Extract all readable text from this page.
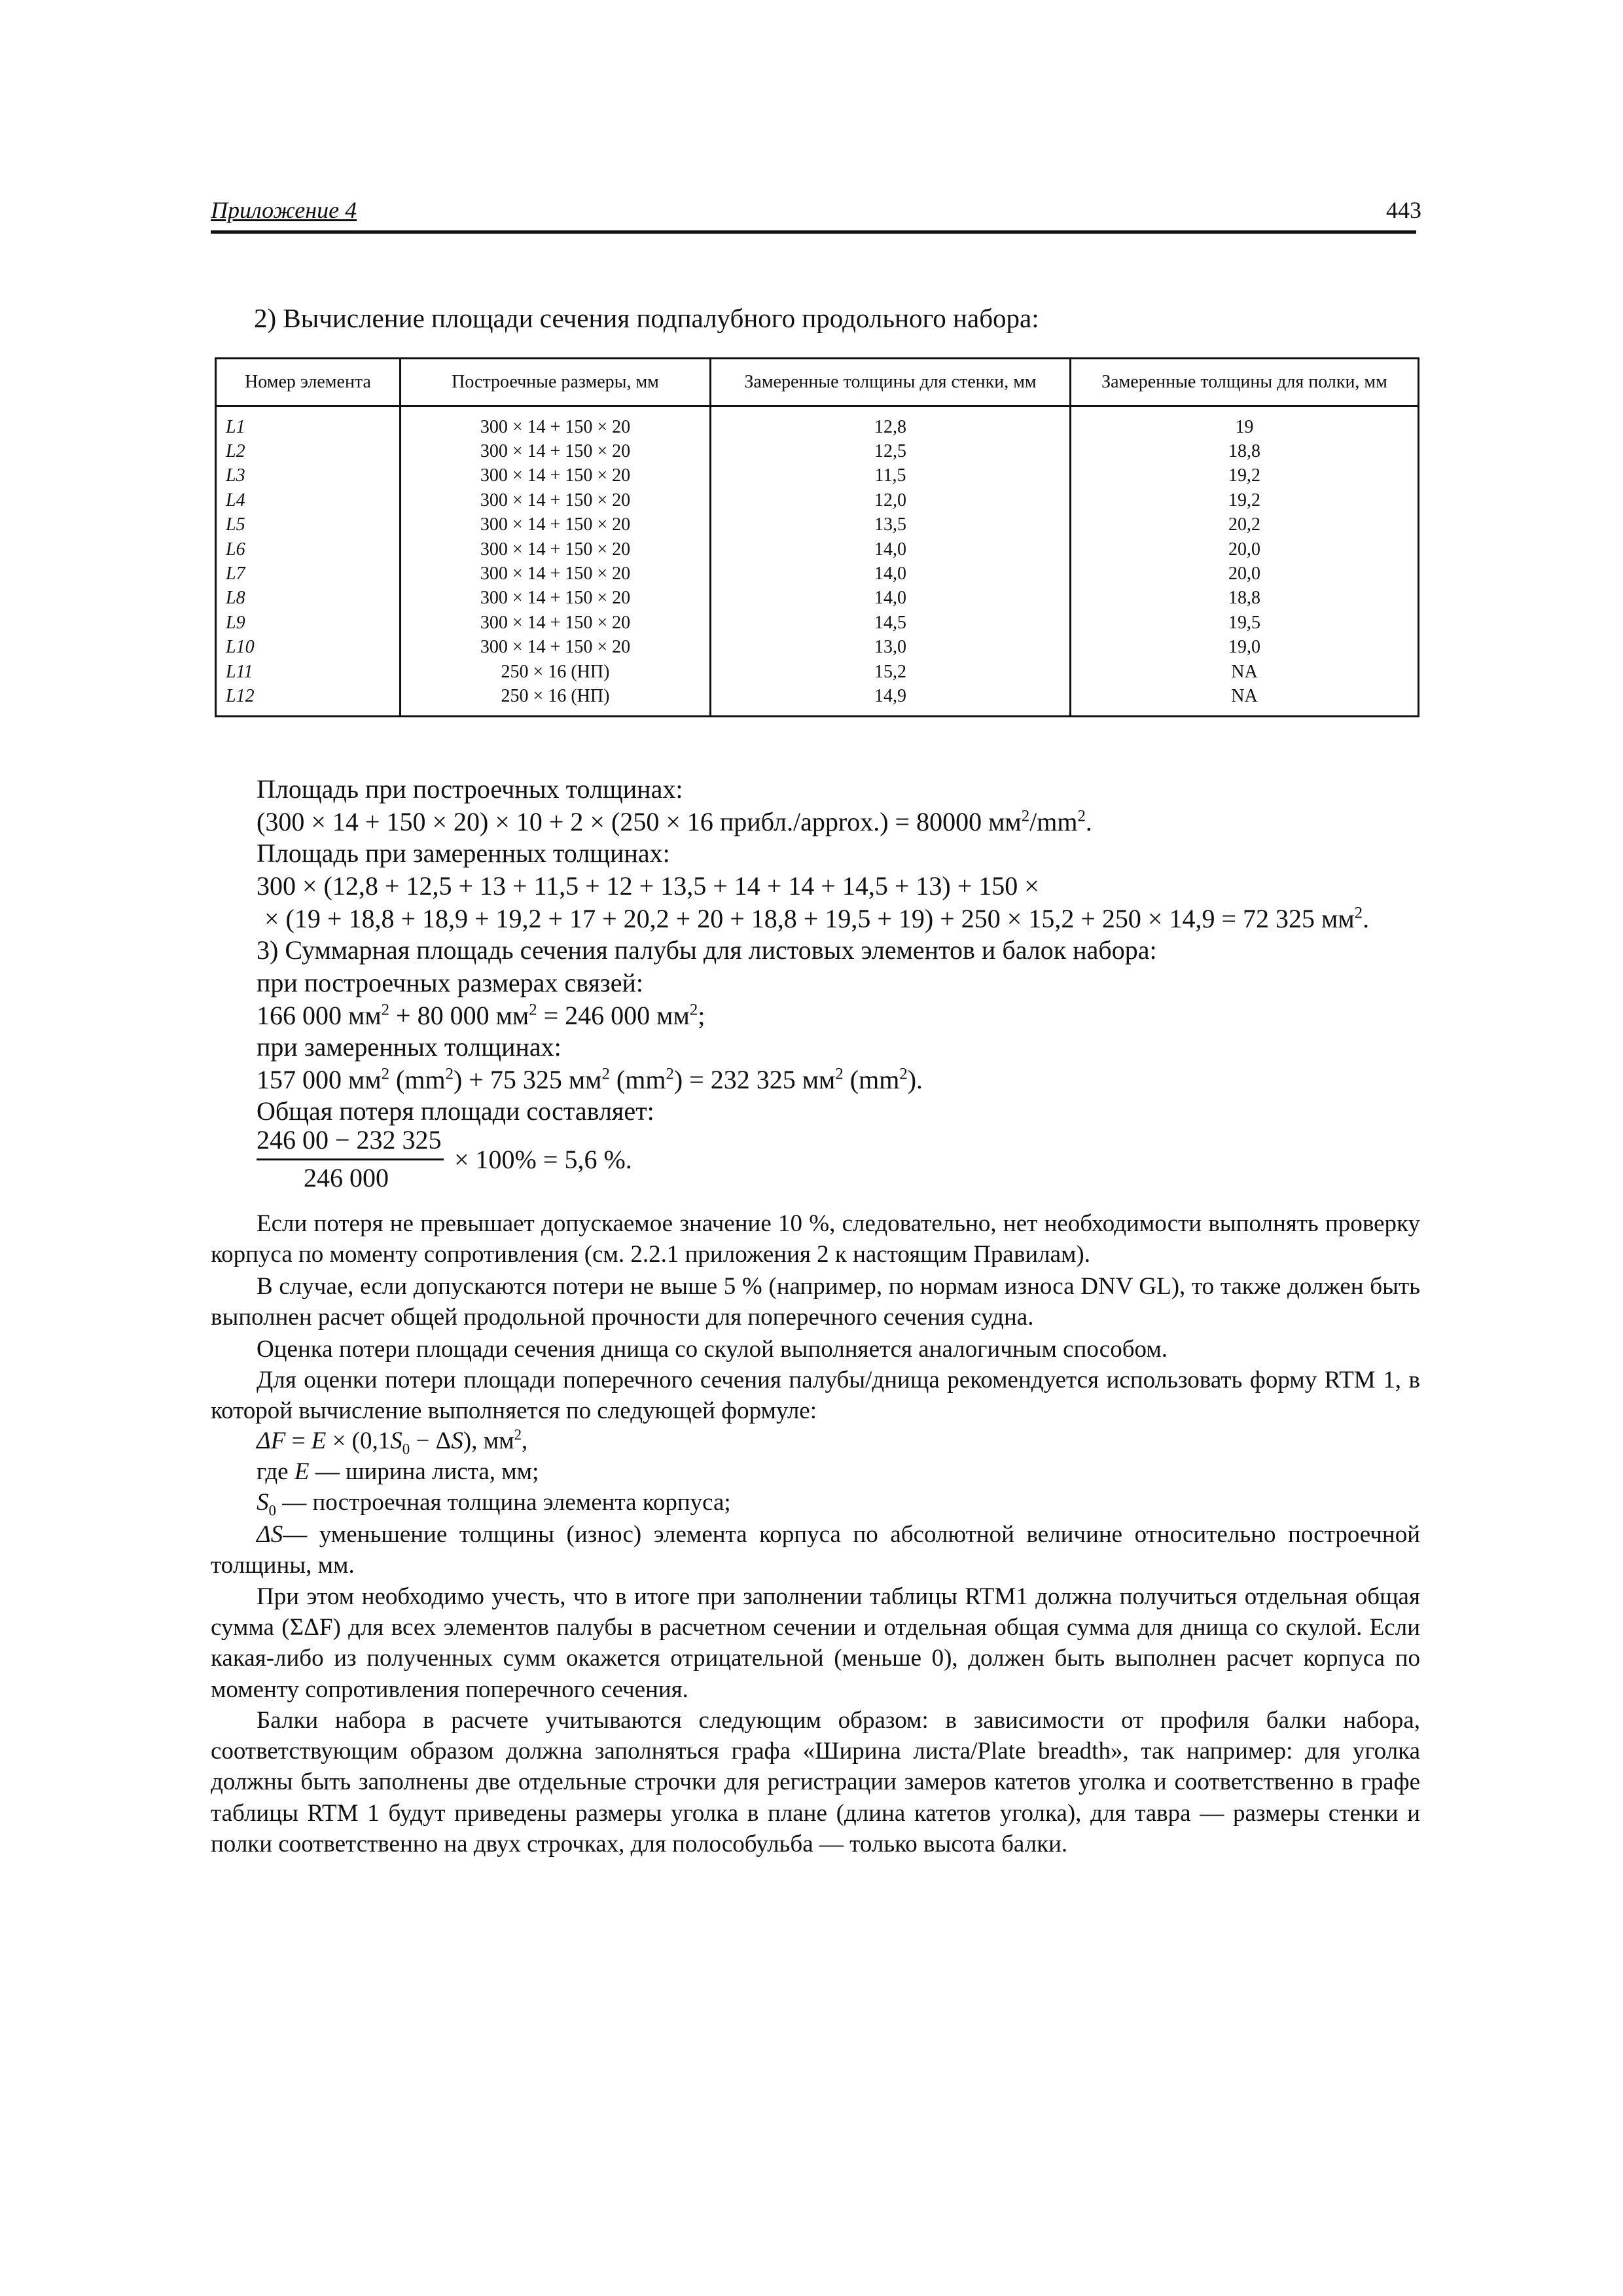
Приложение 4	443
2) Вычисление площади сечения подпалубного продольного набора:
Номер элемента	Построечные размеры, мм	Замеренные толщины для стенки, мм	Замеренные толщины для полки, мм
L1	300 × 14 + 150 × 20	12,8	19
L2	300 × 14 + 150 × 20	12,5	18,8
L3	300 × 14 + 150 × 20	11,5	19,2
L4	300 × 14 + 150 × 20	12,0	19,2
L5	300 × 14 + 150 × 20	13,5	20,2
L6	300 × 14 + 150 × 20	14,0	20,0
L7	300 × 14 + 150 × 20	14,0	20,0
L8	300 × 14 + 150 × 20	14,0	18,8
L9	300 × 14 + 150 × 20	14,5	19,5
L10	300 × 14 + 150 × 20	13,0	19,0
L11	250 × 16 (НП)	15,2	NA
L12	250 × 16 (НП)	14,9	NA
Площадь при построечных толщинах:
(300 × 14 + 150 × 20) × 10 + 2 × (250 × 16 прибл./approx.) = 80000 $мм^2/mm^2$.
Площадь при замеренных толщинах:
300 × (12,8 + 12,5 + 13 + 11,5 + 12 + 13,5 + 14 + 14 + 14,5 + 13) + 150 ×
× (19 + 18,8 + 18,9 + 19,2 + 17 + 20,2 + 20 + 18,8 + 19,5 + 19) + 250 × 15,2 + 250 × 14,9 = 72 325 $мм^2$.
3) Суммарная площадь сечения палубы для листовых элементов и балок набора:
при построечных размерах связей:
166 000 $мм^2 + 80$ 000 $мм^2 = 246$ 000 $мм^2$;
при замеренных толщинах:
157 000 $мм^2$ $(mm^2) + 75$ 325 $мм^2$ $(mm^2) = 232$ 325 $мм^2$ $(mm^2)$.
Общая потеря площади составляет:
246 00 − 232 325
246 000
× 100% = 5,6 %.
Если потеря не превышает допускаемое значение 10 %, следовательно, нет необходимости выполнять проверку корпуса по моменту сопротивления (см. 2.2.1 приложения 2 к настоящим Правилам).
В случае, если допускаются потери не выше 5 % (например, по нормам износа DNV GL), то также должен быть выполнен расчет общей продольной прочности для поперечного сечения судна.
Оценка потери площади сечения днища со скулой выполняется аналогичным способом.
Для оценки потери площади поперечного сечения палубы/днища рекомендуется использовать форму RTM 1, в которой вычисление выполняется по следующей формуле:
$\Delta F = E \times (0,1S_0 - \Delta S)$, $мм^2$,
где E — ширина листа, мм;
$S_0$ — построечная толщина элемента корпуса;
ΔS— уменьшение толщины (износ) элемента корпуса по абсолютной величине относительно построечной толщины, мм.
При этом необходимо учесть, что в итоге при заполнении таблицы RTM1 должна получиться отдельная общая сумма (ΣΔF) для всех элементов палубы в расчетном сечении и отдельная общая сумма для днища со скулой. Если какая-либо из полученных сумм окажется отрицательной (меньше 0), должен быть выполнен расчет корпуса по моменту сопротивления поперечного сечения.
Балки набора в расчете учитываются следующим образом: в зависимости от профиля балки набора, соответствующим образом должна заполняться графа «Ширина листа/Plate breadth», так например: для уголка должны быть заполнены две отдельные строчки для регистрации замеров катетов уголка и соответственно в графе таблицы RTM 1 будут приведены размеры уголка в плане (длина катетов уголка), для тавра — размеры стенки и полки соответственно на двух строчках, для полособульба — только высота балки.
